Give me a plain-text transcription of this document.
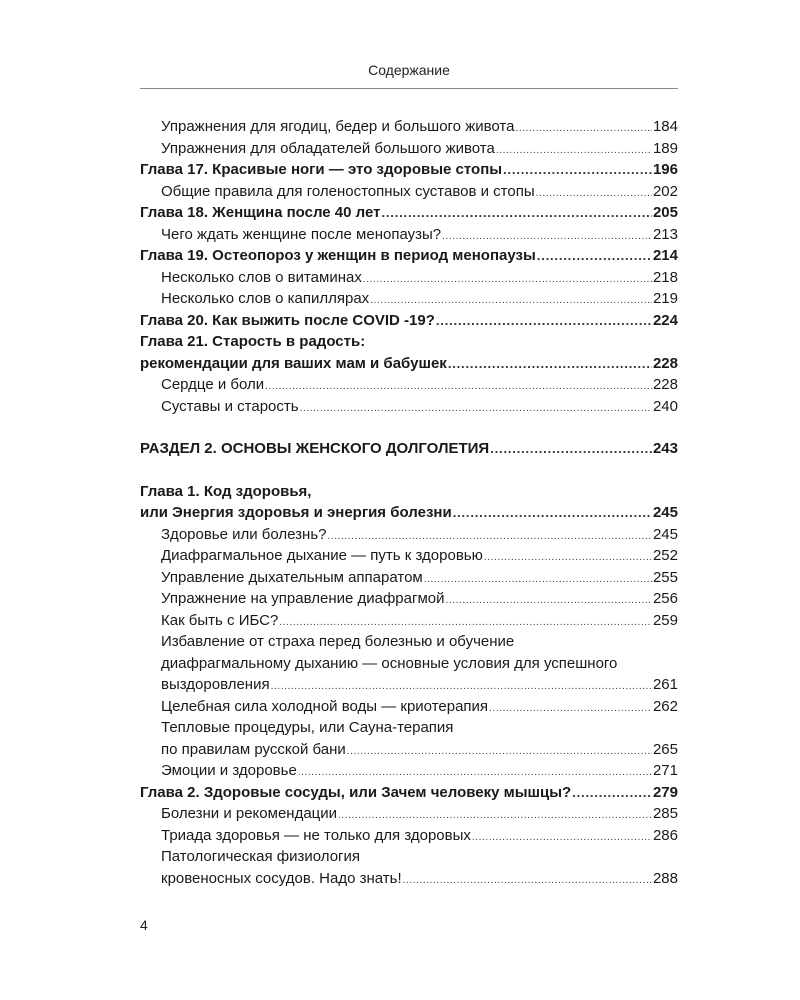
Содержание
Упражнения для ягодиц, бедер и большого живота .....	184
Упражнения для обладателей большого живота .....	189
Глава 17. Красивые ноги — это здоровые стопы .....	196
Общие правила для голеностопных суставов и стопы .....	202
Глава 18. Женщина после 40 лет .....	205
Чего ждать женщине после менопаузы? .....	213
Глава 19. Остеопороз у женщин в период менопаузы .....	214
Несколько слов о витаминах .....	218
Несколько слов о капиллярах .....	219
Глава 20. Как выжить после COVID -19? .....	224
Глава 21. Старость в радость:
рекомендации для ваших мам и бабушек .....	228
Сердце и боли .....	228
Суставы и старость .....	240
РАЗДЕЛ 2. ОСНОВЫ ЖЕНСКОГО ДОЛГОЛЕТИЯ .....	243
Глава 1. Код здоровья,
или Энергия здоровья и энергия болезни .....	245
Здоровье или болезнь? .....	245
Диафрагмальное дыхание — путь к здоровью .....	252
Управление дыхательным аппаратом .....	255
Упражнение на управление диафрагмой .....	256
Как быть с ИБС? .....	259
Избавление от страха перед болезнью и обучение
диафрагмальному дыханию — основные условия для успешного
выздоровления .....	261
Целебная сила холодной воды — криотерапия .....	262
Тепловые процедуры, или Сауна-терапия
по правилам русской бани .....	265
Эмоции и здоровье .....	271
Глава 2. Здоровые сосуды, или Зачем человеку мышцы? .....	279
Болезни и рекомендации .....	285
Триада здоровья — не только для здоровых .....	286
Патологическая физиология
кровеносных сосудов. Надо знать! .....	288
4
